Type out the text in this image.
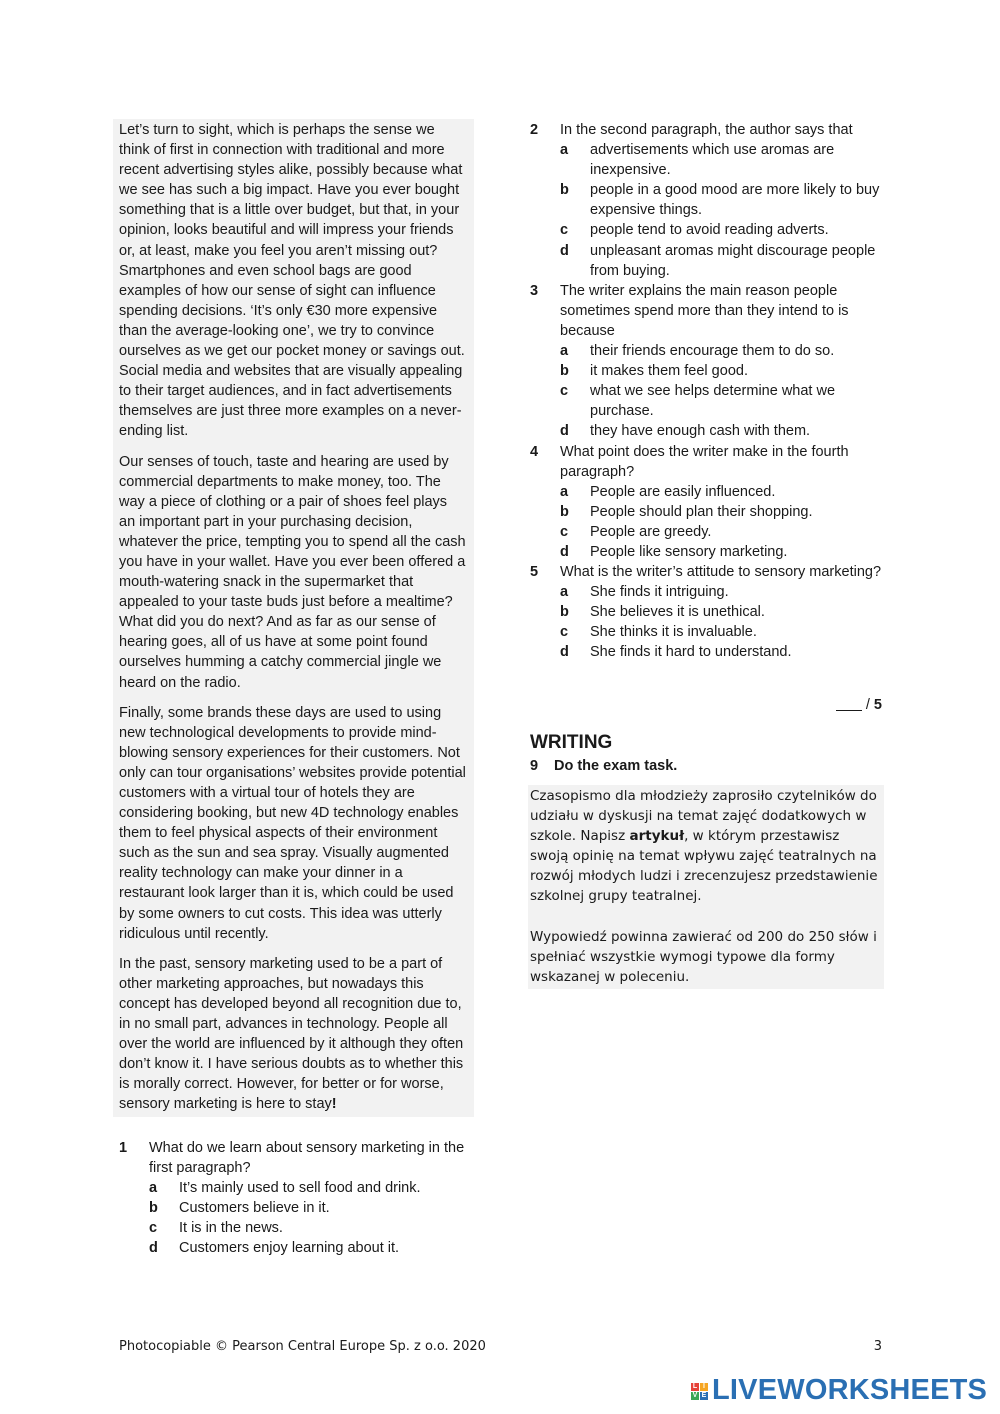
Let’s turn to sight, which is perhaps the sense we think of first in connection with traditional and more recent advertising styles alike, possibly because what we see has such a big impact. Have you ever bought something that is a little over budget, but that, in your opinion, looks beautiful and will impress your friends or, at least, make you feel you aren’t missing out? Smartphones and even school bags are good examples of how our sense of sight can influence spending decisions. ‘It’s only €30 more expensive than the average-looking one’, we try to convince ourselves as we get our pocket money or savings out. Social media and websites that are visually appealing to their target audiences, and in fact advertisements themselves are just three more examples on a never-ending list.

Our senses of touch, taste and hearing are used by commercial departments to make money, too. The way a piece of clothing or a pair of shoes feel plays an important part in your purchasing decision, whatever the price, tempting you to spend all the cash you have in your wallet. Have you ever been offered a mouth-watering snack in the supermarket that appealed to your taste buds just before a mealtime? What did you do next? And as far as our sense of hearing goes, all of us have at some point found ourselves humming a catchy commercial jingle we heard on the radio.

Finally, some brands these days are used to using new technological developments to provide mind-blowing sensory experiences for their customers. Not only can tour organisations’ websites provide potential customers with a virtual tour of hotels they are considering booking, but new 4D technology enables them to feel physical aspects of their environment such as the sun and sea spray. Visually augmented reality technology can make your dinner in a restaurant look larger than it is, which could be used by some owners to cut costs. This idea was utterly ridiculous until recently.

In the past, sensory marketing used to be a part of other marketing approaches, but nowadays this concept has developed beyond all recognition due to, in no small part, advances in technology. People all over the world are influenced by it although they often don’t know it. I have serious doubts as to whether this is morally correct. However, for better or for worse, sensory marketing is here to stay!

1 What do we learn about sensory marketing in the first paragraph?
a It’s mainly used to sell food and drink.
b Customers believe in it.
c It is in the news.
d Customers enjoy learning about it.
2 In the second paragraph, the author says that
a advertisements which use aromas are inexpensive.
b people in a good mood are more likely to buy expensive things.
c people tend to avoid reading adverts.
d unpleasant aromas might discourage people from buying.
3 The writer explains the main reason people sometimes spend more than they intend to is because
a their friends encourage them to do so.
b it makes them feel good.
c what we see helps determine what we purchase.
d they have enough cash with them.
4 What point does the writer make in the fourth paragraph?
a People are easily influenced.
b People should plan their shopping.
c People are greedy.
d People like sensory marketing.
5 What is the writer’s attitude to sensory marketing?
a She finds it intriguing.
b She believes it is unethical.
c She thinks it is invaluable.
d She finds it hard to understand.
/ 5
WRITING
9 Do the exam task.

Czasopismo dla młodzieży zaprosiło czytelników do udziału w dyskusji na temat zajęć dodatkowych w szkole. Napisz artykuł, w którym przestawisz swoją opinię na temat wpływu zajęć teatralnych na rozwój młodych ludzi i zrecenzujesz przedstawienie szkolnej grupy teatralnej.

Wypowiedź powinna zawierać od 200 do 250 słów i spełniać wszystkie wymogi typowe dla formy wskazanej w poleceniu.

Photocopiable © Pearson Central Europe Sp. z o.o. 2020	3
L I
V E LIVEWORKSHEETS
